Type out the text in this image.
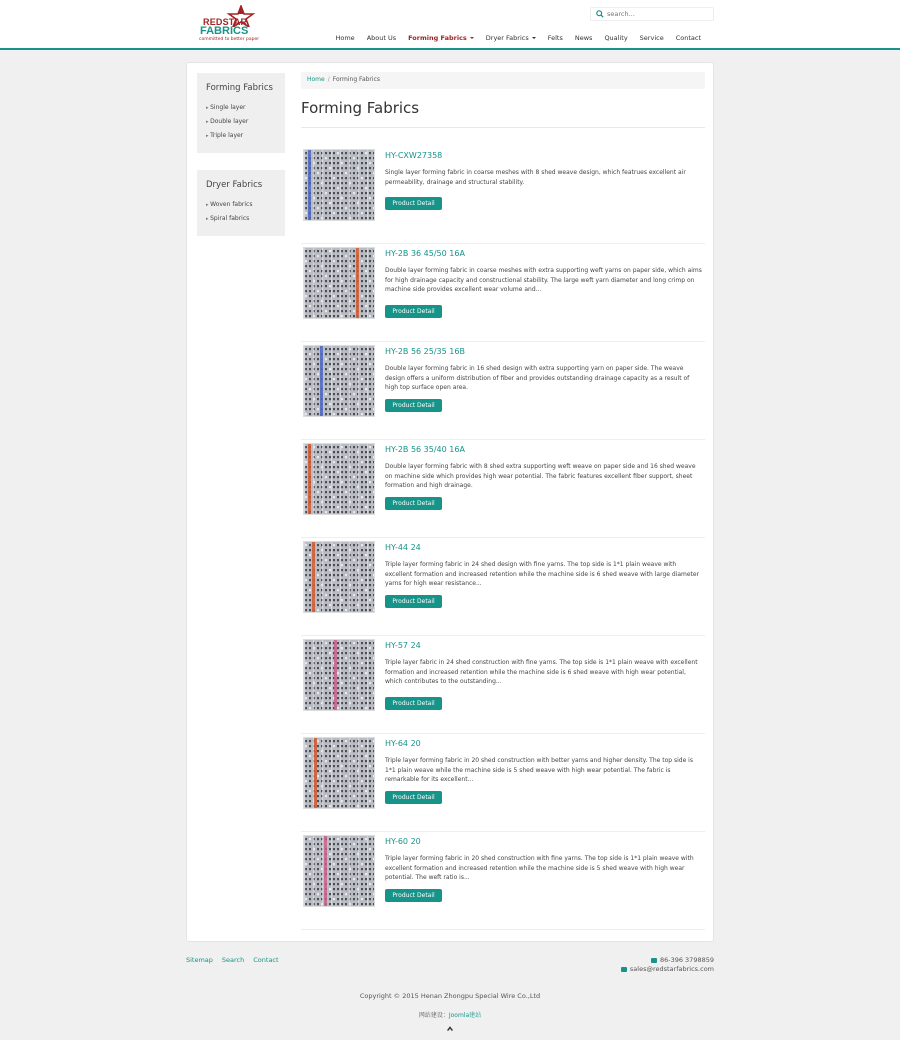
REDSTAR
FABRICS
committed to better paper
search...	Home	About Us	Forming Fabrics	Dryer Fabrics	Felts	News	Quality	Service	Contact
Forming Fabrics
▸ Single layer
▸ Double layer
▸ Triple layer
Dryer Fabrics
▸ Woven fabrics
▸ Spiral fabrics
Home / Forming Fabrics
Forming Fabrics
HY-CXW27358

Single layer forming fabric in coarse meshes with 8 shed weave design, which featrues excellent air permeability, drainage and structural stability.

Product Detail
HY-2B 36 45/50 16A

Double layer forming fabric in coarse meshes with extra supporting weft yarns on paper side, which aims for high drainage capacity and constructional stability. The large weft yarn diameter and long crimp on machine side provides excellent wear volume and...

Product Detail
HY-2B 56 25/35 16B

Double layer forming fabric in 16 shed design with extra supporting yarn on paper side. The weave design offers a uniform distribution of fiber and provides outstanding drainage capacity as a result of high top surface open area.

Product Detail
HY-2B 56 35/40 16A

Double layer forming fabric with 8 shed extra supporting weft weave on paper side and 16 shed weave on machine side which provides high wear potential. The fabric features excellent fiber support, sheet formation and high drainage.

Product Detail
HY-44 24

Triple layer forming fabric in 24 shed design with fine yarns. The top side is 1*1 plain weave with excellent formation and increased retention while the machine side is 6 shed weave with large diameter yarns for high wear resistance...

Product Detail
HY-57 24

Triple layer fabric in 24 shed construction with fine yarns. The top side is 1*1 plain weave with excellent formation and increased retention while the machine side is 6 shed weave with high wear potential, which contributes to the outstanding...

Product Detail
HY-64 20

Triple layer forming fabric in 20 shed construction with better yarns and higher density. The top side is 1*1 plain weave while the machine side is 5 shed weave with high wear potential. The fabric is remarkable for its excellent...

Product Detail
HY-60 20

Triple layer forming fabric in 20 shed construction with fine yarns. The top side is 1*1 plain weave with excellent formation and increased retention while the machine side is 5 shed weave with high wear potential. The weft ratio is...

Product Detail
Sitemap Search Contact	86-396 3798859
sales@redstarfabrics.com
Copyright © 2015 Henan Zhongpu Special Wire Co.,Ltd
网站建设：Joomla建站
